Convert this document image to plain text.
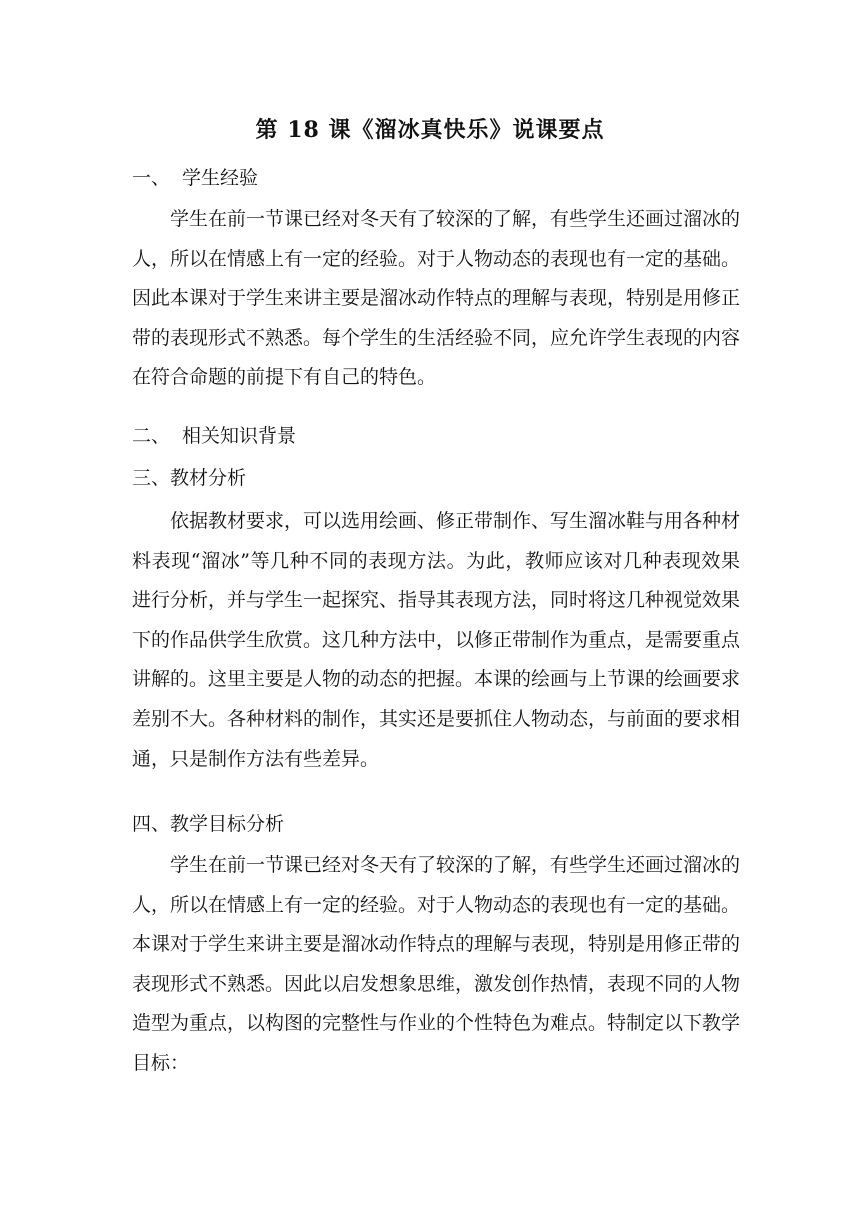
第 18 课《溜冰真快乐》说课要点
一、 学生经验
学生在前一节课已经对冬天有了较深的了解，有些学生还画过溜冰的人，所以在情感上有一定的经验。对于人物动态的表现也有一定的基础。因此本课对于学生来讲主要是溜冰动作特点的理解与表现，特别是用修正带的表现形式不熟悉。每个学生的生活经验不同，应允许学生表现的内容在符合命题的前提下有自己的特色。
二、 相关知识背景
三、教材分析
依据教材要求，可以选用绘画、修正带制作、写生溜冰鞋与用各种材料表现“溜冰”等几种不同的表现方法。为此，教师应该对几种表现效果进行分析，并与学生一起探究、指导其表现方法，同时将这几种视觉效果下的作品供学生欣赏。这几种方法中，以修正带制作为重点，是需要重点讲解的。这里主要是人物的动态的把握。本课的绘画与上节课的绘画要求差别不大。各种材料的制作，其实还是要抓住人物动态，与前面的要求相通，只是制作方法有些差异。
四、教学目标分析
学生在前一节课已经对冬天有了较深的了解，有些学生还画过溜冰的人，所以在情感上有一定的经验。对于人物动态的表现也有一定的基础。本课对于学生来讲主要是溜冰动作特点的理解与表现，特别是用修正带的表现形式不熟悉。因此以启发想象思维，激发创作热情，表现不同的人物造型为重点，以构图的完整性与作业的个性特色为难点。特制定以下教学目标：
